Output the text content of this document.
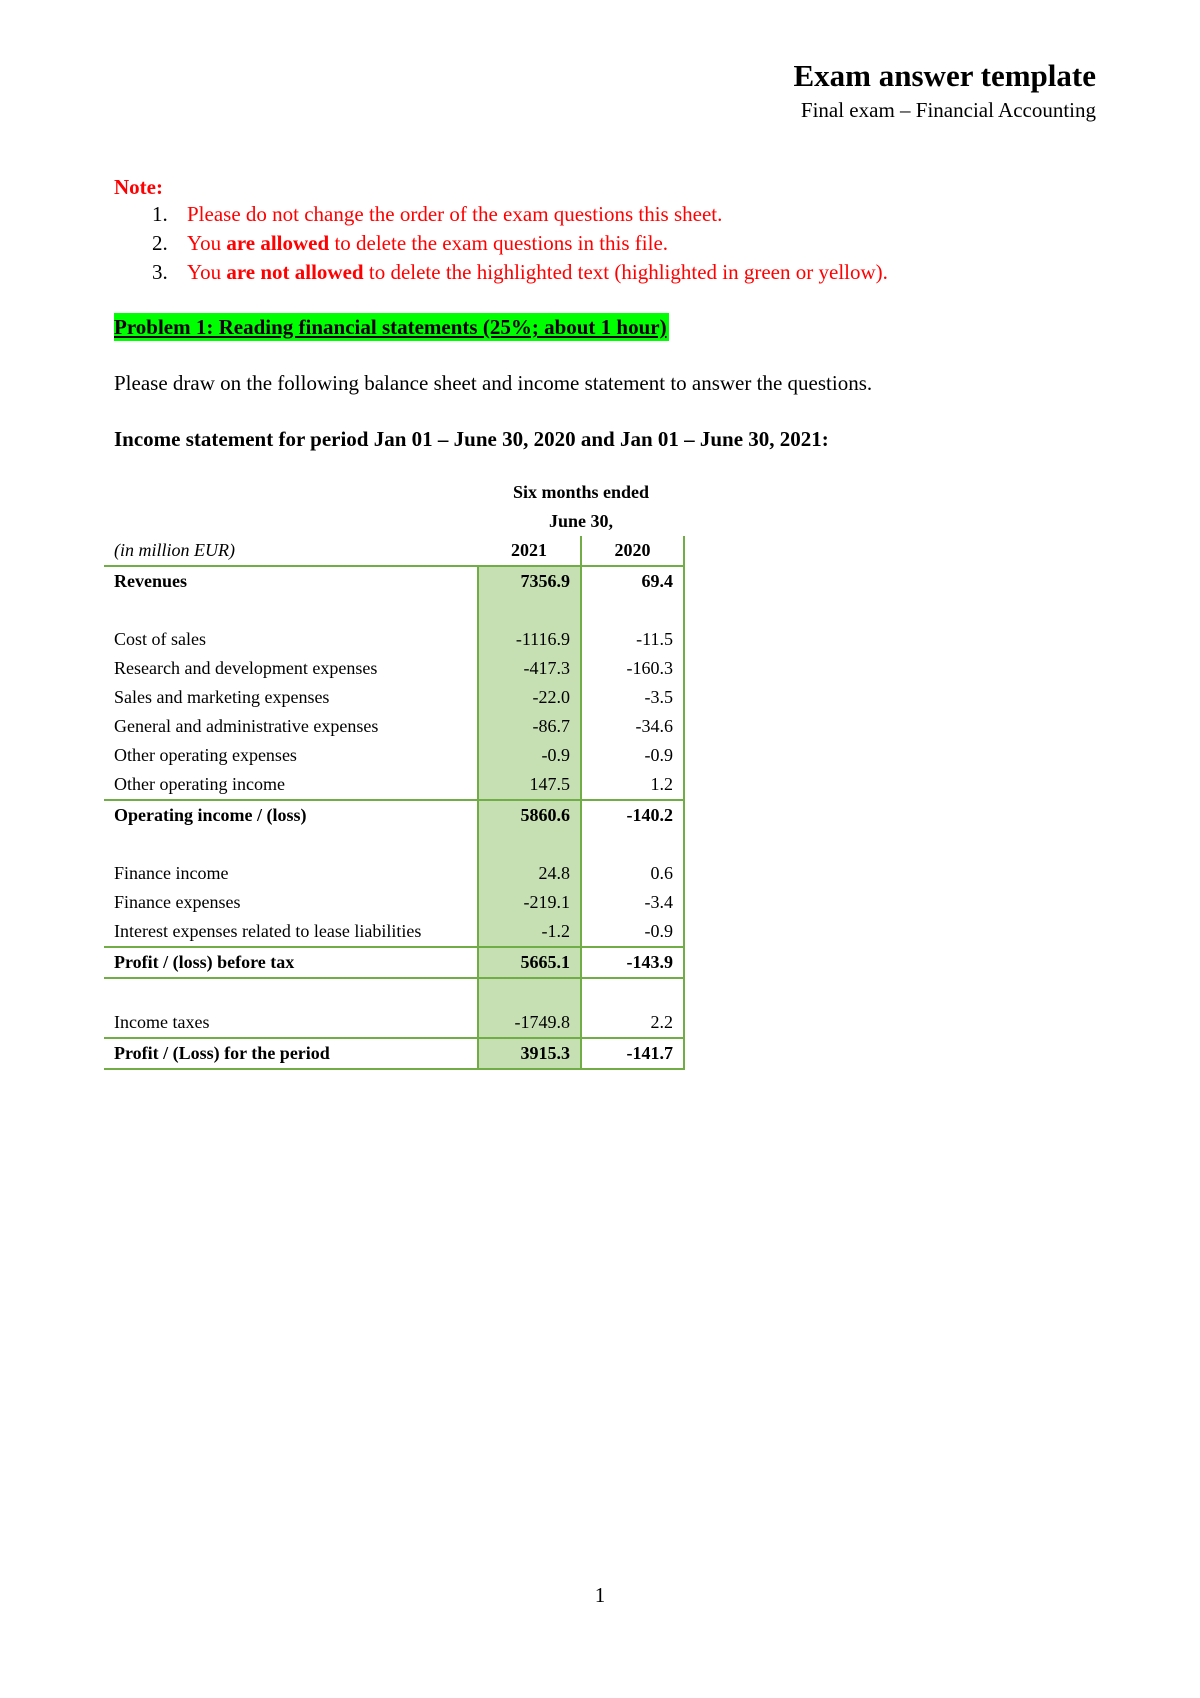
Exam answer template
Final exam – Financial Accounting
Note:
1. Please do not change the order of the exam questions this sheet.
2. You are allowed to delete the exam questions in this file.
3. You are not allowed to delete the highlighted text (highlighted in green or yellow).
Problem 1: Reading financial statements (25%; about 1 hour)
Please draw on the following balance sheet and income statement to answer the questions.
Income statement for period Jan 01 – June 30, 2020 and Jan 01 – June 30, 2021:
	Six months ended	
	June 30,	
(in million EUR)	2021	2020
Revenues	7356.9	69.4

Cost of sales	-1116.9	-11.5
Research and development expenses	-417.3	-160.3
Sales and marketing expenses	-22.0	-3.5
General and administrative expenses	-86.7	-34.6
Other operating expenses	-0.9	-0.9
Other operating income	147.5	1.2
Operating income / (loss)	5860.6	-140.2

Finance income	24.8	0.6
Finance expenses	-219.1	-3.4
Interest expenses related to lease liabilities	-1.2	-0.9
Profit / (loss) before tax	5665.1	-143.9

Income taxes	-1749.8	2.2
Profit / (Loss) for the period	3915.3	-141.7
1
